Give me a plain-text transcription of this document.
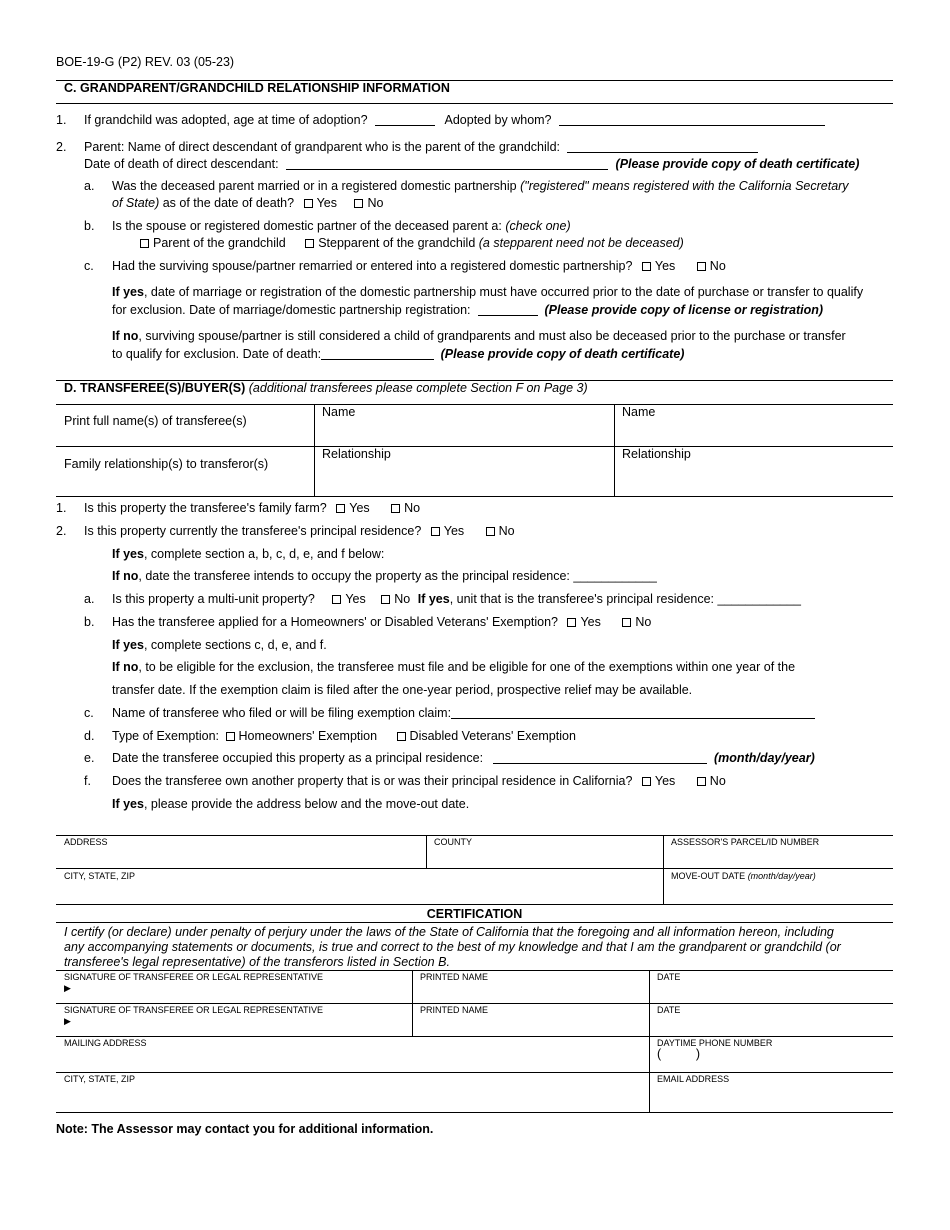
BOE-19-G (P2) REV. 03 (05-23)
C. GRANDPARENT/GRANDCHILD RELATIONSHIP INFORMATION
1. If grandchild was adopted, age at time of adoption?	Adopted by whom?
2. Parent: Name of direct descendant of grandparent who is the parent of the grandchild:
Date of death of direct descendant:	(Please provide copy of death certificate)
a. Was the deceased parent married or in a registered domestic partnership ("registered" means registered with the California Secretary
of State) as of the date of death? Yes No
b. Is the spouse or registered domestic partner of the deceased parent a: (check one)
Parent of the grandchild	Stepparent of the grandchild (a stepparent need not be deceased)
c. Had the surviving spouse/partner remarried or entered into a registered domestic partnership? Yes	No
If yes, date of marriage or registration of the domestic partnership must have occurred prior to the date of purchase or transfer to qualify
for exclusion. Date of marriage/domestic partnership registration:	(Please provide copy of license or registration)
If no, surviving spouse/partner is still considered a child of grandparents and must also be deceased prior to the purchase or transfer
to qualify for exclusion. Date of death:	(Please provide copy of death certificate)
D. TRANSFEREE(S)/BUYER(S) (additional transferees please complete Section F on Page 3)
Print full name(s) of transferee(s)
Name	Name
Family relationship(s) to transferor(s)
Relationship	Relationship
1. Is this property the transferee's family farm? Yes	No
2. Is this property currently the transferee's principal residence? Yes	No
If yes, complete section a, b, c, d, e, and f below:
If no, date the transferee intends to occupy the property as the principal residence: ____________
a. Is this property a multi-unit property? Yes No If yes, unit that is the transferee's principal residence: ____________
b. Has the transferee applied for a Homeowners' or Disabled Veterans' Exemption? Yes	No
If yes, complete sections c, d, e, and f.
If no, to be eligible for the exclusion, the transferee must file and be eligible for one of the exemptions within one year of the
transfer date. If the exemption claim is filed after the one-year period, prospective relief may be available.
c. Name of transferee who filed or will be filing exemption claim:
d. Type of Exemption: Homeowners' Exemption	Disabled Veterans' Exemption
e. Date the transferee occupied this property as a principal residence:	(month/day/year)
f. Does the transferee own another property that is or was their principal residence in California? Yes	No
If yes, please provide the address below and the move-out date.
ADDRESS	COUNTY	ASSESSOR'S PARCEL/ID NUMBER
CITY, STATE, ZIP	MOVE-OUT DATE (month/day/year)
CERTIFICATION
I certify (or declare) under penalty of perjury under the laws of the State of California that the foregoing and all information hereon, including
any accompanying statements or documents, is true and correct to the best of my knowledge and that I am the grandparent or grandchild (or
transferee's legal representative) of the transferors listed in Section B.
SIGNATURE OF TRANSFEREE OR LEGAL REPRESENTATIVE
▶
PRINTED NAME	DATE
SIGNATURE OF TRANSFEREE OR LEGAL REPRESENTATIVE
▶
PRINTED NAME	DATE
MAILING ADDRESS	DAYTIME PHONE NUMBER
(          )
CITY, STATE, ZIP	EMAIL ADDRESS
Note: The Assessor may contact you for additional information.
